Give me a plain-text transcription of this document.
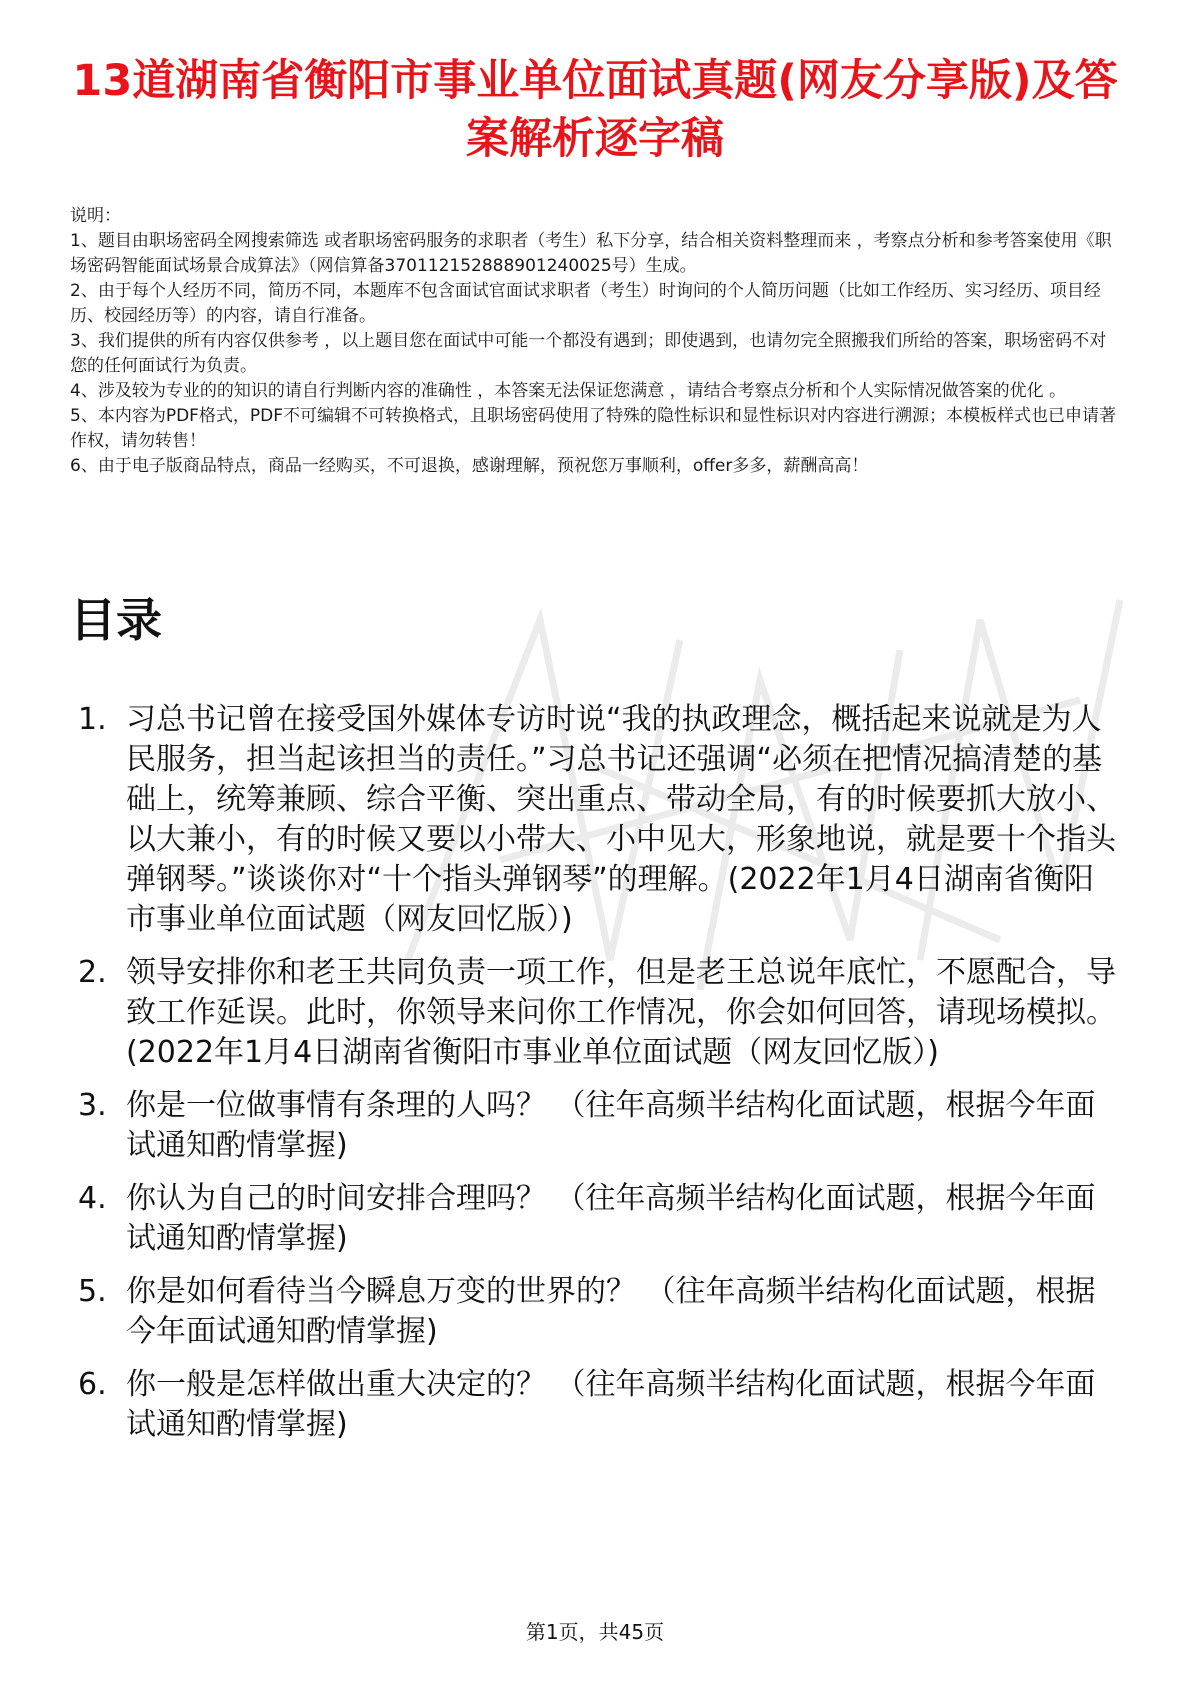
13道湖南省衡阳市事业单位面试真题(网友分享版)及答案解析逐字稿

说明：

1、题目由职场密码全网搜索筛选 或者职场密码服务的求职者（考生）私下分享，结合相关资料整理而来 ，考察点分析和参考答案使用《职场密码智能面试场景合成算法》（网信算备370112152888901240025号）生成。

2、由于每个人经历不同，简历不同，本题库不包含面试官面试求职者（考生）时询问的个人简历问题（比如工作经历、实习经历、项目经历、校园经历等）的内容，请自行准备。

3、我们提供的所有内容仅供参考 ，以上题目您在面试中可能一个都没有遇到；即使遇到，也请勿完全照搬我们所给的答案，职场密码不对您的任何面试行为负责。

4、涉及较为专业的的知识的请自行判断内容的准确性 ，本答案无法保证您满意 ，请结合考察点分析和个人实际情况做答案的优化 。

5、本内容为PDF格式，PDF不可编辑不可转换格式，且职场密码使用了特殊的隐性标识和显性标识对内容进行溯源；本模板样式也已申请著作权，请勿转售！

6、由于电子版商品特点，商品一经购买，不可退换，感谢理解，预祝您万事顺利，offer多多，薪酬高高！

目录
1. 习总书记曾在接受国外媒体专访时说“我的执政理念，概括起来说就是为人民服务，担当起该担当的责任。”习总书记还强调“必须在把情况搞清楚的基础上，统筹兼顾、综合平衡、突出重点、带动全局，有的时候要抓大放小、以大兼小，有的时候又要以小带大、小中见大，形象地说，就是要十个指头弹钢琴。”谈谈你对“十个指头弹钢琴”的理解。(2022年1月4日湖南省衡阳市事业单位面试题（网友回忆版）)
2. 领导安排你和老王共同负责一项工作，但是老王总说年底忙，不愿配合，导致工作延误。此时，你领导来问你工作情况，你会如何回答，请现场模拟。(2022年1月4日湖南省衡阳市事业单位面试题（网友回忆版）)
3. 你是一位做事情有条理的人吗？ （往年高频半结构化面试题，根据今年面试通知酌情掌握)
4. 你认为自己的时间安排合理吗？ （往年高频半结构化面试题，根据今年面试通知酌情掌握)
5. 你是如何看待当今瞬息万变的世界的？ （往年高频半结构化面试题，根据今年面试通知酌情掌握)
6. 你一般是怎样做出重大决定的？ （往年高频半结构化面试题，根据今年面试通知酌情掌握)
第1页，共45页
